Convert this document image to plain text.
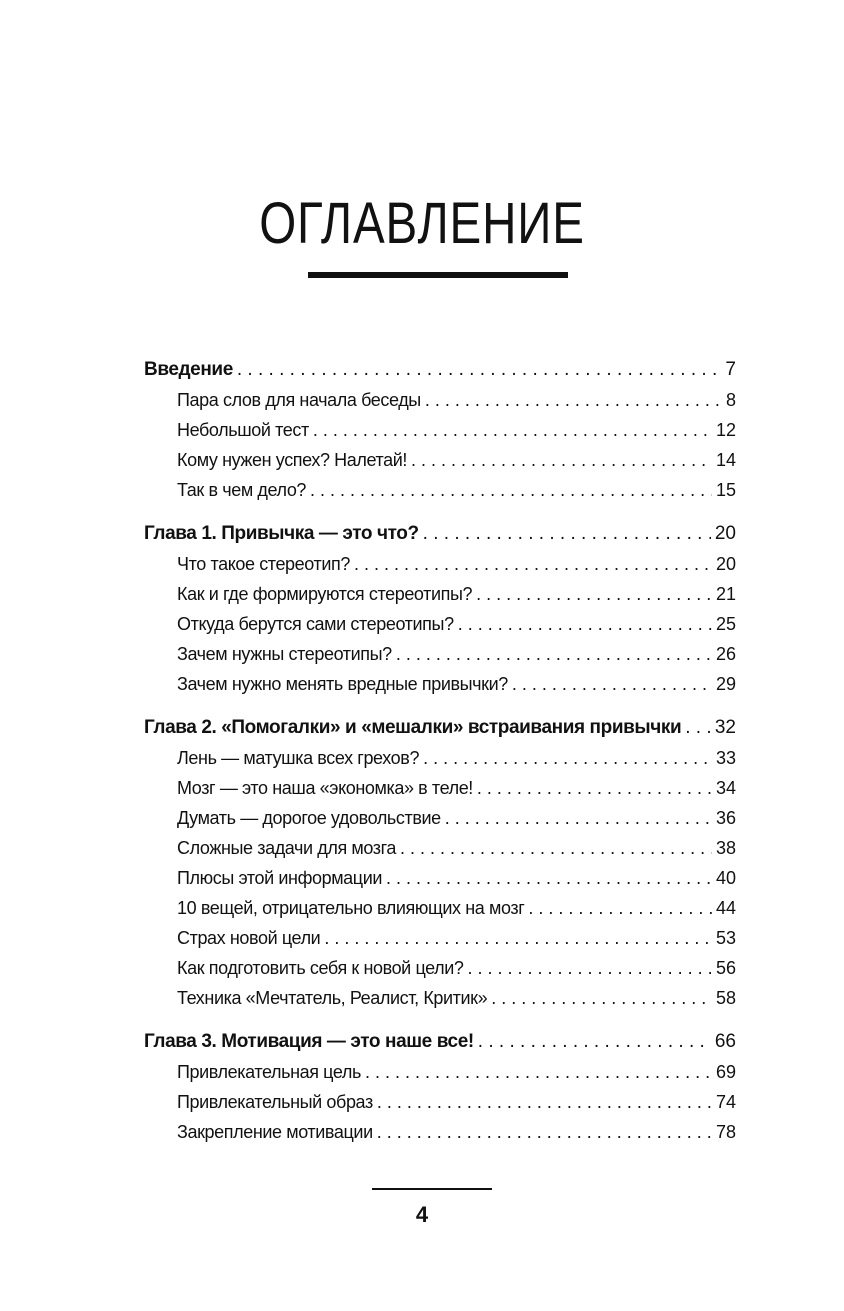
ОГЛАВЛЕНИЕ
Введение . . .	7
Пара слов для начала беседы . . .	8
Небольшой тест . . .	12
Кому нужен успех? Налетай! . . .	14
Так в чем дело? . . .	15
Глава 1. Привычка — это что? . . .	20
Что такое стереотип? . . .	20
Как и где формируются стереотипы? . . .	21
Откуда берутся сами стереотипы? . . .	25
Зачем нужны стереотипы? . . .	26
Зачем нужно менять вредные привычки? . . .	29
Глава 2. «Помогалки» и «мешалки» встраивания привычки . . . 32
Лень — матушка всех грехов? . . .	33
Мозг — это наша «экономка» в теле! . . .	34
Думать — дорогое удовольствие . . .	36
Сложные задачи для мозга . . .	38
Плюсы этой информации . . .	40
10 вещей, отрицательно влияющих на мозг . . .	44
Страх новой цели . . .	53
Как подготовить себя к новой цели? . . .	56
Техника «Мечтатель, Реалист, Критик» . . .	58
Глава 3. Мотивация — это наше все! . . .	66
Привлекательная цель . . .	69
Привлекательный образ . . .	74
Закрепление мотивации . . .	78
4
